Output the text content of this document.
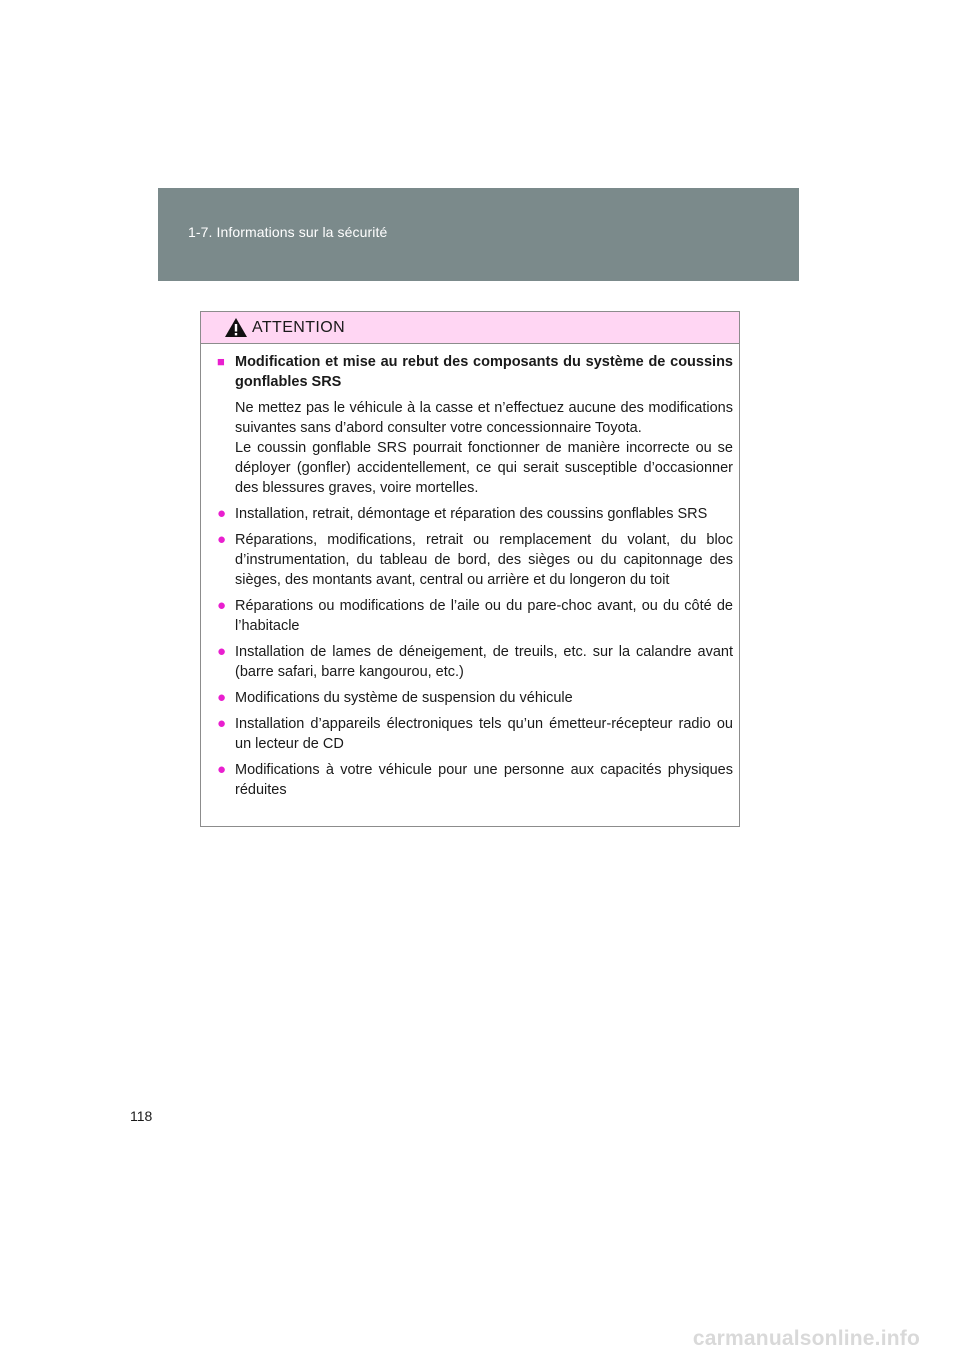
1-7. Informations sur la sécurité
ATTENTION
■ Modification et mise au rebut des composants du système de coussins gonflables SRS

Ne mettez pas le véhicule à la casse et n’effectuez aucune des modifications suivantes sans d’abord consulter votre concessionnaire Toyota.

Le coussin gonflable SRS pourrait fonctionner de manière incorrecte ou se déployer (gonfler) accidentellement, ce qui serait susceptible d’occasionner des blessures graves, voire mortelles.

● Installation, retrait, démontage et réparation des coussins gonflables SRS
● Réparations, modifications, retrait ou remplacement du volant, du bloc d’instrumentation, du tableau de bord, des sièges ou du capitonnage des sièges, des montants avant, central ou arrière et du longeron du toit
● Réparations ou modifications de l’aile ou du pare-choc avant, ou du côté de l’habitacle
● Installation de lames de déneigement, de treuils, etc. sur la calandre avant (barre safari, barre kangourou, etc.)
● Modifications du système de suspension du véhicule
● Installation d’appareils électroniques tels qu’un émetteur-récepteur radio ou un lecteur de CD
● Modifications à votre véhicule pour une personne aux capacités physiques réduites
118
carmanualsonline.info
